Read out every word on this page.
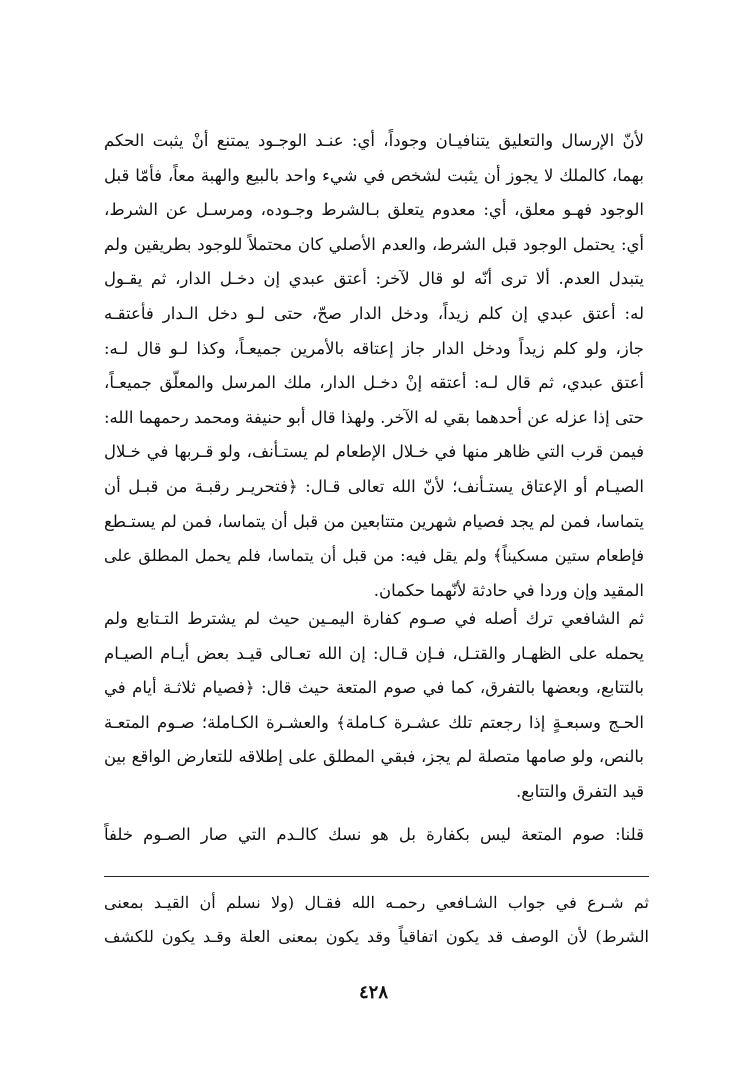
لأنّ الإرسال والتعليق يتنافيـان وجوداً، أي: عنـد الوجـود يمتنع أنْ يثبت الحكم
بهما، كالملك لا يجوز أن يثبت لشخص في شيء واحد بالبيع والهبة معاً، فأمّا قبل
الوجود فهـو معلق، أي: معدوم يتعلق بـالشرط وجـوده، ومرسـل عن الشرط،
أي: يحتمل الوجود قبل الشرط، والعدم الأصلي كان محتملاً للوجود بطريقين ولم
يتبدل العدم. ألا ترى أنّه لو قال لآخر: أعتق عبدي إن دخـل الدار، ثم يقـول
له: أعتق عبدي إن كلم زيداً، ودخل الدار صحّ، حتى لـو دخل الـدار فأعتقـه
جاز، ولو كلم زيداً ودخل الدار جاز إعتاقه بالأمرين جميعـاً، وكذا لـو قال لـه:
أعتق عبدي، ثم قال لـه: أعتقه إنْ دخـل الدار، ملك المرسل والمعلّق جميعـاً،
حتى إذا عزله عن أحدهما بقي له الآخر. ولهذا قال أبو حنيفة ومحمد رحمهما الله:
فيمن قرب التي ظاهر منها في خـلال الإطعام لم يستـأنف، ولو قـربها في خـلال
الصيـام أو الإعتاق يستـأنف؛ لأنّ الله تعالى قـال: ﴿فتحريـر رقبـة من قبـل أن
يتماسا، فمن لم يجد فصيام شهرين متتابعين من قبل أن يتماسا، فمن لم يستـطع
فإطعام ستين مسكيناً﴾ ولم يقل فيه: من قبل أن يتماسا، فلم يحمل المطلق على
المقيد وإن وردا في حادثة لأنّهما حكمان.
ثم الشافعي ترك أصله في صـوم كفارة اليمـين حيث لم يشترط التـتابع ولم
يحمله على الظهـار والقتـل، فـإن قـال: إن الله تعـالى قيـد بعض أيـام الصيـام
بالتتابع، وبعضها بالتفرق، كما في صوم المتعة حيث قال: ﴿فصيام ثلاثـة أيام في
الحـج وسبعـةٍ إذا رجعتم تلك عشـرة كـاملة﴾ والعشـرة الكـاملة؛ صـوم المتعـة
بالنص، ولو صامها متصلة لم يجز، فبقي المطلق على إطلاقه للتعارض الواقع بين
قيد التفرق والتتابع.
قلنا: صوم المتعة ليس بكفارة بل هو نسك كالـدم التي صار الصـوم خلفاً
ثم شـرع في جواب الشـافعي رحمـه الله فقـال (ولا نسلم أن القيـد بمعنى
الشرط) لأن الوصف قد يكون اتفاقياً وقد يكون بمعنى العلة وقـد يكون للكشف
٤٢٨
